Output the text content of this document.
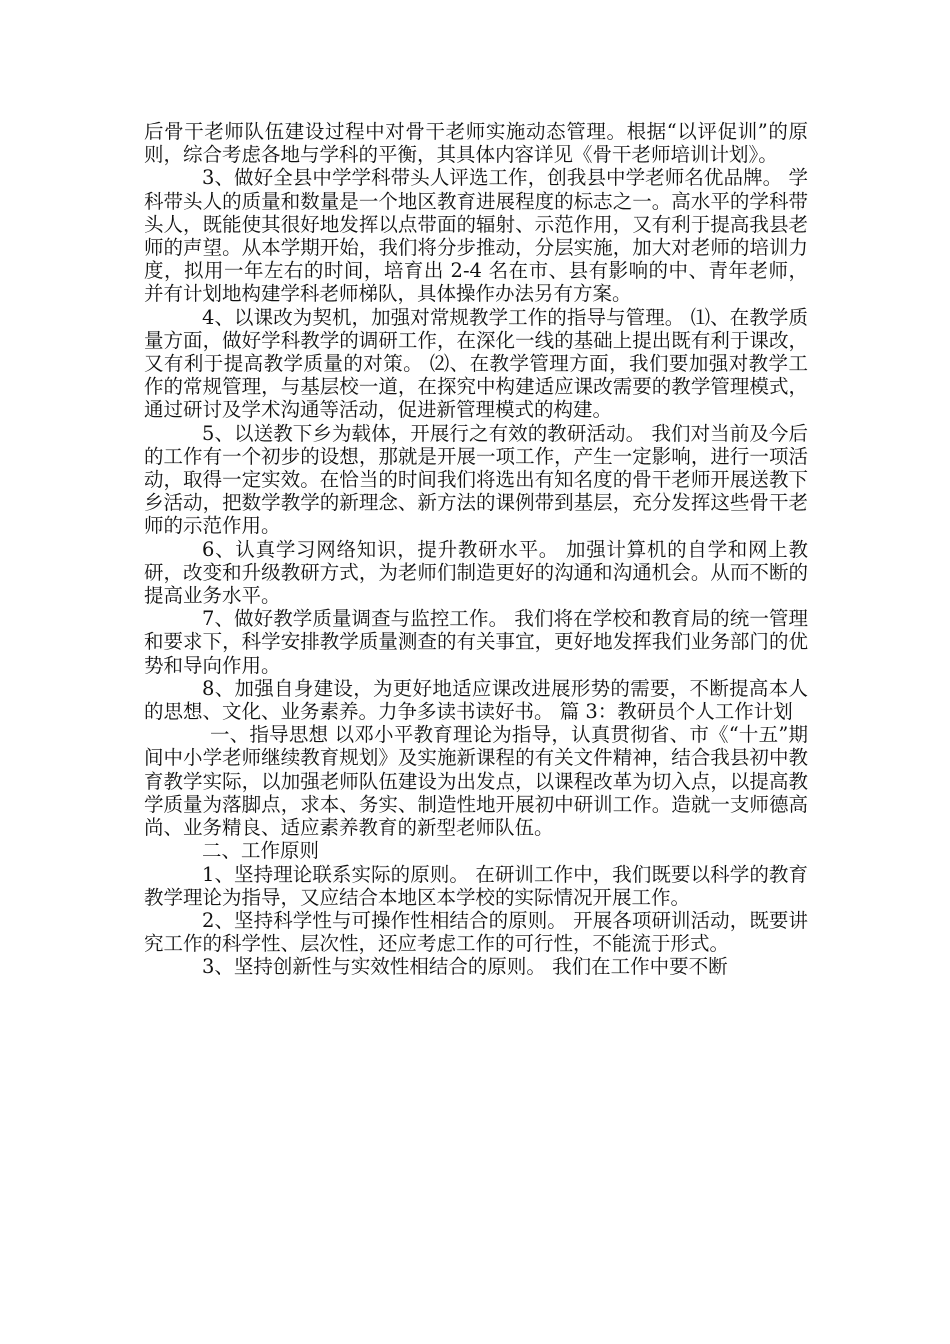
后骨干老师队伍建设过程中对骨干老师实施动态管理。根据“以评促训”的原则，综合考虑各地与学科的平衡，其具体内容详见《骨干老师培训计划》。

3、做好全县中学学科带头人评选工作，创我县中学老师名优品牌。 学科带头人的质量和数量是一个地区教育进展程度的标志之一。高水平的学科带头人，既能使其很好地发挥以点带面的辐射、示范作用，又有利于提高我县老师的声望。从本学期开始，我们将分步推动，分层实施，加大对老师的培训力度，拟用一年左右的时间，培育出 2-4 名在市、县有影响的中、青年老师，并有计划地构建学科老师梯队，具体操作办法另有方案。

4、以课改为契机，加强对常规教学工作的指导与管理。 ⑴、在教学质量方面，做好学科教学的调研工作，在深化一线的基础上提出既有利于课改，又有利于提高教学质量的对策。 ⑵、在教学管理方面，我们要加强对教学工作的常规管理，与基层校一道，在探究中构建适应课改需要的教学管理模式，通过研讨及学术沟通等活动，促进新管理模式的构建。

5、以送教下乡为载体，开展行之有效的教研活动。 我们对当前及今后的工作有一个初步的设想，那就是开展一项工作，产生一定影响，进行一项活动，取得一定实效。在恰当的时间我们将选出有知名度的骨干老师开展送教下乡活动，把数学教学的新理念、新方法的课例带到基层，充分发挥这些骨干老师的示范作用。

6、认真学习网络知识，提升教研水平。 加强计算机的自学和网上教研，改变和升级教研方式，为老师们制造更好的沟通和沟通机会。从而不断的提高业务水平。

7、做好教学质量调查与监控工作。 我们将在学校和教育局的统一管理和要求下，科学安排教学质量测查的有关事宜，更好地发挥我们业务部门的优势和导向作用。

8、加强自身建设，为更好地适应课改进展形势的需要，不断提高本人的思想、文化、业务素养。力争多读书读好书。 篇 3：教研员个人工作计划

一、指导思想 以邓小平教育理论为指导，认真贯彻省、市《“十五”期间中小学老师继续教育规划》及实施新课程的有关文件精神，结合我县初中教育教学实际，以加强老师队伍建设为出发点，以课程改革为切入点，以提高教学质量为落脚点，求本、务实、制造性地开展初中研训工作。造就一支师德高尚、业务精良、适应素养教育的新型老师队伍。

二、工作原则

1、坚持理论联系实际的原则。 在研训工作中，我们既要以科学的教育教学理论为指导，又应结合本地区本学校的实际情况开展工作。

2、坚持科学性与可操作性相结合的原则。 开展各项研训活动，既要讲究工作的科学性、层次性，还应考虑工作的可行性，不能流于形式。

3、坚持创新性与实效性相结合的原则。 我们在工作中要不断
